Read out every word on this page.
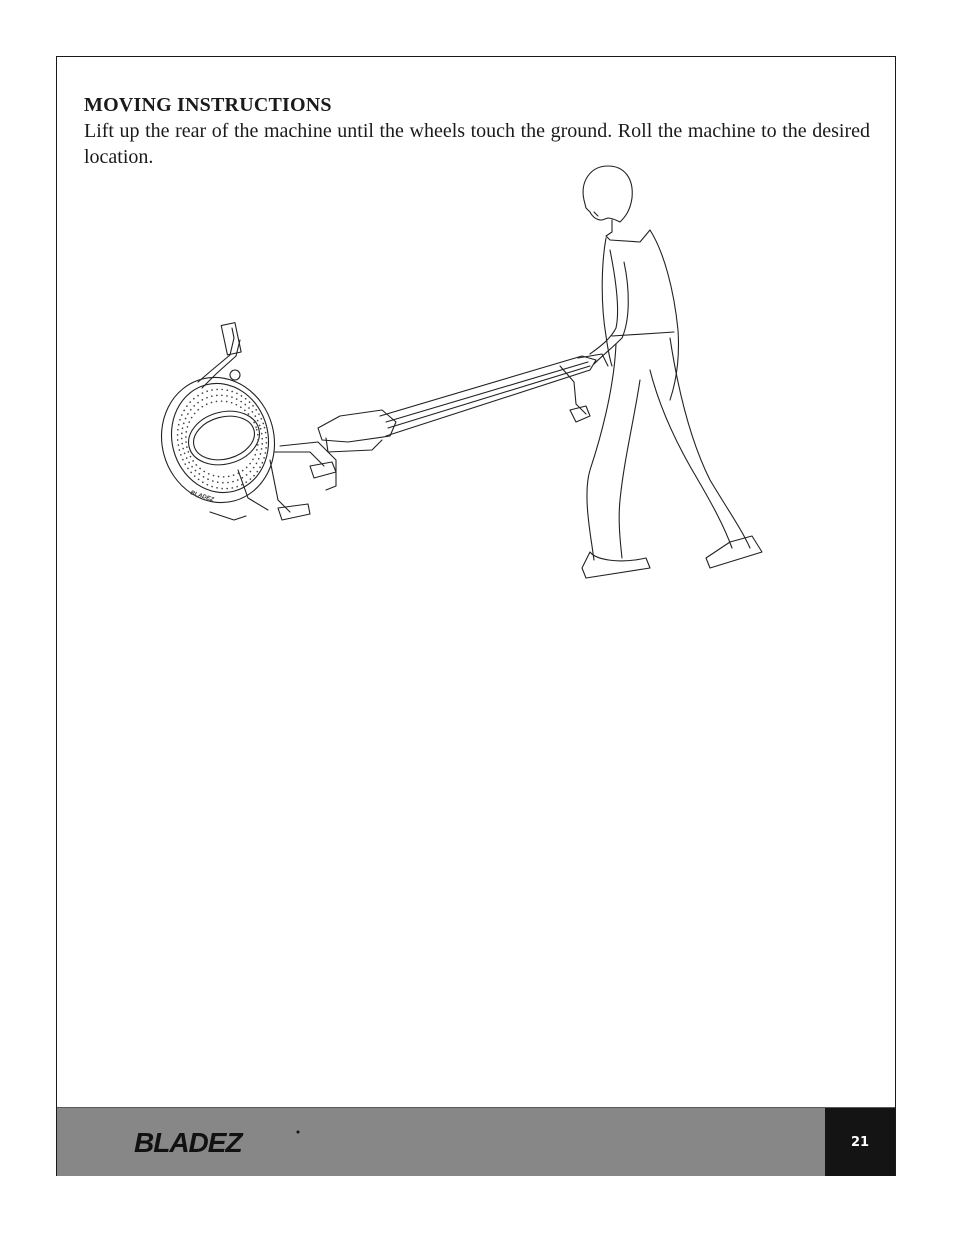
MOVING INSTRUCTIONS

Lift up the rear of the machine until the wheels touch the ground. Roll the machine to the desired location.

BLADEZ
BLADEZ	21
